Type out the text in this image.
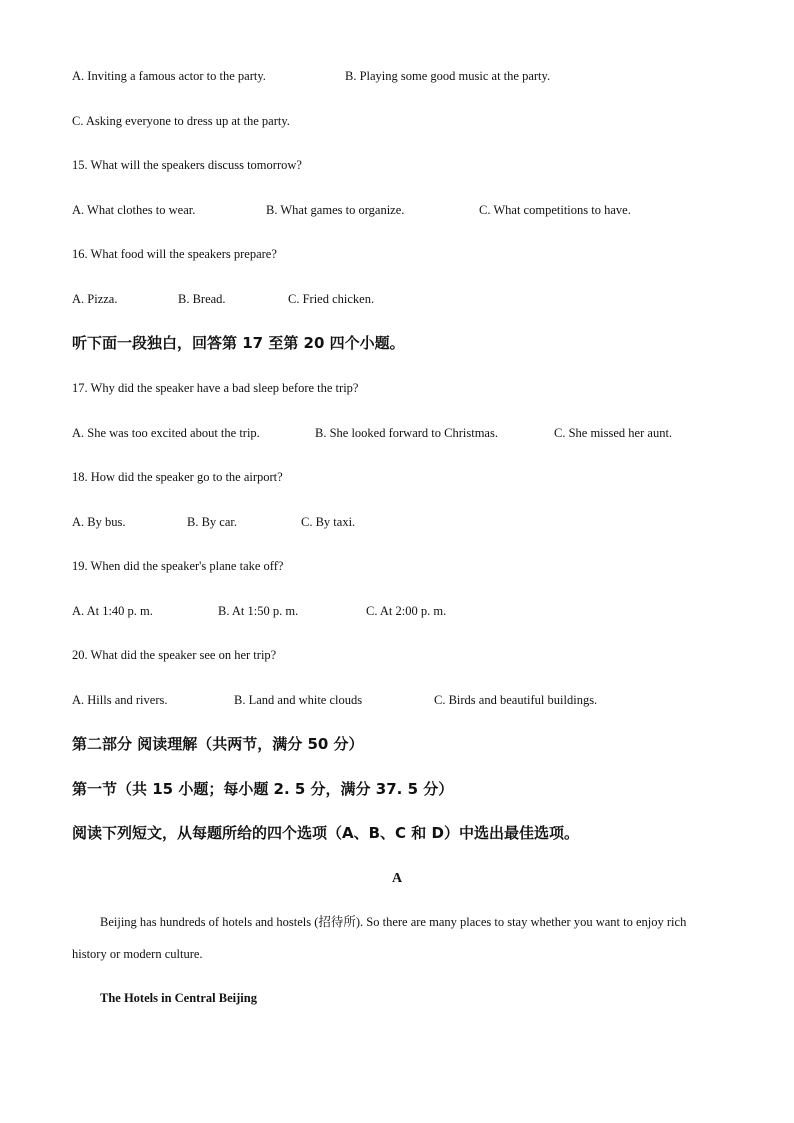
A. Inviting a famous actor to the party.	B. Playing some good music at the party.
C. Asking everyone to dress up at the party.
15. What will the speakers discuss tomorrow?
A. What clothes to wear.	B. What games to organize.	C. What competitions to have.
16. What food will the speakers prepare?
A. Pizza.	B. Bread.	C. Fried chicken.
听下面一段独白，回答第 17 至第 20 四个小题。
17. Why did the speaker have a bad sleep before the trip?
A. She was too excited about the trip.	B. She looked forward to Christmas.	C. She missed her aunt.
18. How did the speaker go to the airport?
A. By bus.	B. By car.	C. By taxi.
19. When did the speaker's plane take off?
A. At 1:40 p. m.	B. At 1:50 p. m.	C. At 2:00 p. m.
20. What did the speaker see on her trip?
A. Hills and rivers.	B. Land and white clouds	C. Birds and beautiful buildings.
第二部分 阅读理解（共两节，满分 50 分）
第一节（共 15 小题；每小题 2. 5 分，满分 37. 5 分）
阅读下列短文，从每题所给的四个选项（A、B、C 和 D）中选出最佳选项。
A
Beijing has hundreds of hotels and hostels (招待所). So there are many places to stay whether you want to enjoy rich history or modern culture.
The Hotels in Central Beijing
